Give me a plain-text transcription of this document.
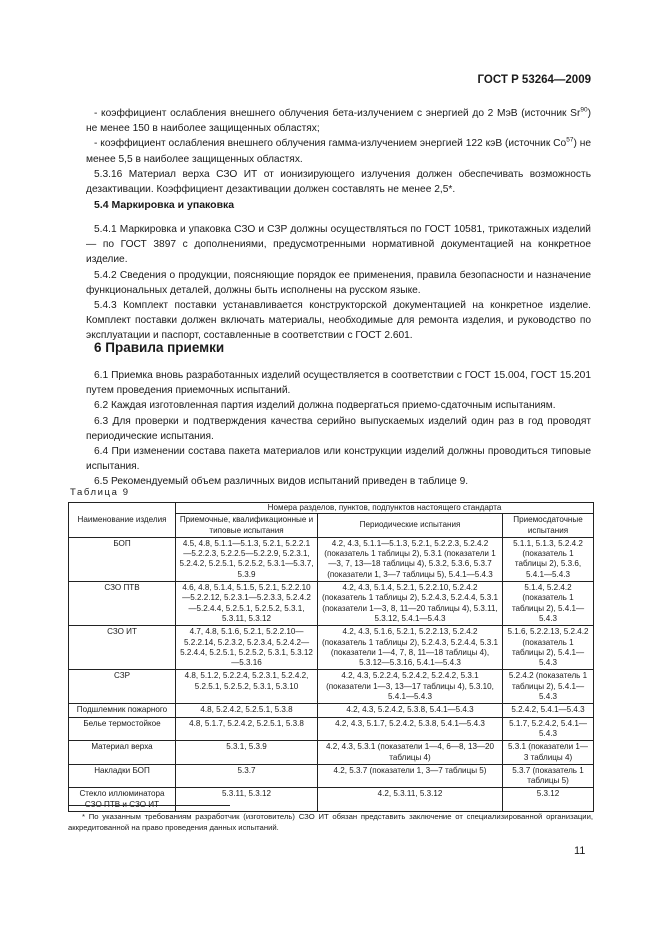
ГОСТ Р 53264—2009

- коэффициент ослабления внешнего облучения бета-излучением с энергией до 2 МэВ (источник Sr$^{90}$) не менее 150 в наиболее защищенных областях;

- коэффициент ослабления внешнего облучения гамма-излучением энергией 122 кэВ (источник Co$^{57}$) не менее 5,5 в наиболее защищенных областях.

5.3.16 Материал верха СЗО ИТ от ионизирующего излучения должен обеспечивать возможность дезактивации. Коэффициент дезактивации должен составлять не менее 2,5*.

5.4 Маркировка и упаковка

5.4.1 Маркировка и упаковка СЗО и СЗР должны осуществляться по ГОСТ 10581, трикотажных изделий — по ГОСТ 3897 с дополнениями, предусмотренными нормативной документацией на конкретное изделие.

5.4.2 Сведения о продукции, поясняющие порядок ее применения, правила безопасности и назначение функциональных деталей, должны быть исполнены на русском языке.

5.4.3 Комплект поставки устанавливается конструкторской документацией на конкретное изделие. Комплект поставки должен включать материалы, необходимые для ремонта изделия, и руководство по эксплуатации и паспорт, составленные в соответствии с ГОСТ 2.601.

6 Правила приемки

6.1 Приемка вновь разработанных изделий осуществляется в соответствии с ГОСТ 15.004, ГОСТ 15.201 путем проведения приемочных испытаний.

6.2 Каждая изготовленная партия изделий должна подвергаться приемо-сдаточным испытаниям.

6.3 Для проверки и подтверждения качества серийно выпускаемых изделий один раз в год проводят периодические испытания.

6.4 При изменении состава пакета материалов или конструкции изделий должны проводиться типовые испытания.

6.5 Рекомендуемый объем различных видов испытаний приведен в таблице 9.

Таблица 9
Наименование изделия	Номера разделов, пунктов, подпунктов настоящего стандарта		
	Приемочные, квалификационные и типовые испытания	Периодические испытания	Приемосдаточные испытания
БОП	4.5, 4.8, 5.1.1—5.1.3, 5.2.1, 5.2.2.1—5.2.2.3, 5.2.2.5—5.2.2.9, 5.2.3.1, 5.2.4.2, 5.2.5.1, 5.2.5.2, 5.3.1—5.3.7, 5.3.9	4.2, 4.3, 5.1.1—5.1.3, 5.2.1, 5.2.2.3, 5.2.4.2 (показатель 1 таблицы 2), 5.3.1 (показатели 1—3, 7, 13—18 таблицы 4), 5.3.2, 5.3.6, 5.3.7 (показатели 1, 3—7 таблицы 5), 5.4.1—5.4.3	5.1.1, 5.1.3, 5.2.4.2 (показатель 1 таблицы 2), 5.3.6, 5.4.1—5.4.3
СЗО ПТВ	4.6, 4.8, 5.1.4, 5.1.5, 5.2.1, 5.2.2.10—5.2.2.12, 5.2.3.1—5.2.3.3, 5.2.4.2—5.2.4.4, 5.2.5.1, 5.2.5.2, 5.3.1, 5.3.11, 5.3.12	4.2, 4.3, 5.1.4, 5.2.1, 5.2.2.10, 5.2.4.2 (показатель 1 таблицы 2), 5.2.4.3, 5.2.4.4, 5.3.1 (показатели 1—3, 8, 11—20 таблицы 4), 5.3.11, 5.3.12, 5.4.1—5.4.3	5.1.4, 5.2.4.2 (показатель 1 таблицы 2), 5.4.1—5.4.3
СЗО ИТ	4.7, 4.8, 5.1.6, 5.2.1, 5.2.2.10—5.2.2.14, 5.2.3.2, 5.2.3.4, 5.2.4.2—5.2.4.4, 5.2.5.1, 5.2.5.2, 5.3.1, 5.3.12—5.3.16	4.2, 4.3, 5.1.6, 5.2.1, 5.2.2.13, 5.2.4.2 (показатель 1 таблицы 2), 5.2.4.3, 5.2.4.4, 5.3.1 (показатели 1—4, 7, 8, 11—18 таблицы 4), 5.3.12—5.3.16, 5.4.1—5.4.3	5.1.6, 5.2.2.13, 5.2.4.2 (показатель 1 таблицы 2), 5.4.1—5.4.3
СЗР	4.8, 5.1.2, 5.2.2.4, 5.2.3.1, 5.2.4.2, 5.2.5.1, 5.2.5.2, 5.3.1, 5.3.10	4.2, 4.3, 5.2.2.4, 5.2.4.2, 5.2.4.2, 5.3.1 (показатели 1—3, 13—17 таблицы 4), 5.3.10, 5.4.1—5.4.3	5.2.4.2 (показатель 1 таблицы 2), 5.4.1—5.4.3
Подшлемник пожарного	4.8, 5.2.4.2, 5.2.5.1, 5.3.8	4.2, 4.3, 5.2.4.2, 5.3.8, 5.4.1—5.4.3	5.2.4.2, 5.4.1—5.4.3
Белье термостойкое	4.8, 5.1.7, 5.2.4.2, 5.2.5.1, 5.3.8	4.2, 4.3, 5.1.7, 5.2.4.2, 5.3.8, 5.4.1—5.4.3	5.1.7, 5.2.4.2, 5.4.1—5.4.3
Материал верха	5.3.1, 5.3.9	4.2, 4.3, 5.3.1 (показатели 1—4, 6—8, 13—20 таблицы 4)	5.3.1 (показатели 1—3 таблицы 4)
Накладки БОП	5.3.7	4.2, 5.3.7 (показатели 1, 3—7 таблицы 5)	5.3.7 (показатель 1 таблицы 5)
Стекло иллюминатора СЗО ПТВ и СЗО ИТ	5.3.11, 5.3.12	4.2, 5.3.11, 5.3.12	5.3.12
* По указанным требованиям разработчик (изготовитель) СЗО ИТ обязан представить заключение от специализированной организации, аккредитованной на право проведения данных испытаний.
11
